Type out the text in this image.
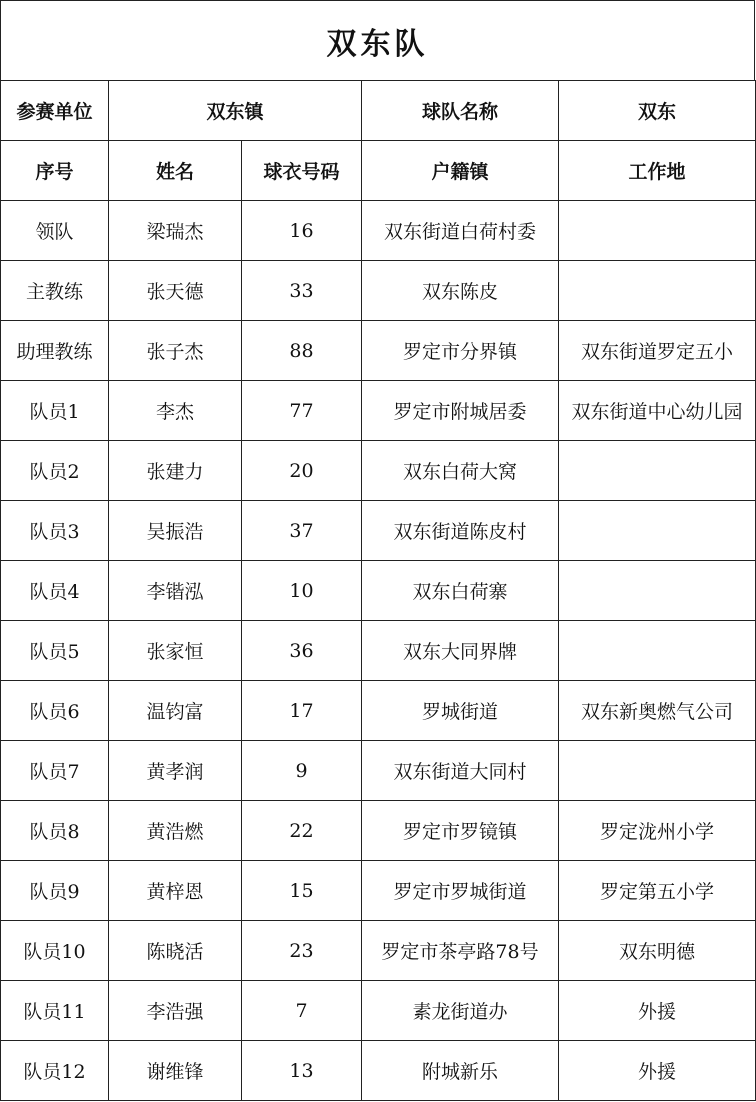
双东队
参赛单位	双东镇		球队名称	双东
序号	姓名	球衣号码	户籍镇	工作地
领队	梁瑞杰	16	双东街道白荷村委	
主教练	张天德	33	双东陈皮	
助理教练	张子杰	88	罗定市分界镇	双东街道罗定五小
队员1	李杰	77	罗定市附城居委	双东街道中心幼儿园
队员2	张建力	20	双东白荷大窝	
队员3	吴振浩	37	双东街道陈皮村	
队员4	李锴泓	10	双东白荷寨	
队员5	张家恒	36	双东大同界牌	
队员6	温钧富	17	罗城街道	双东新奥燃气公司
队员7	黄孝润	9	双东街道大同村	
队员8	黄浩燃	22	罗定市罗镜镇	罗定泷州小学
队员9	黄梓恩	15	罗定市罗城街道	罗定第五小学
队员10	陈晓活	23	罗定市茶亭路78号	双东明德
队员11	李浩强	7	素龙街道办	外援
队员12	谢维锋	13	附城新乐	外援
